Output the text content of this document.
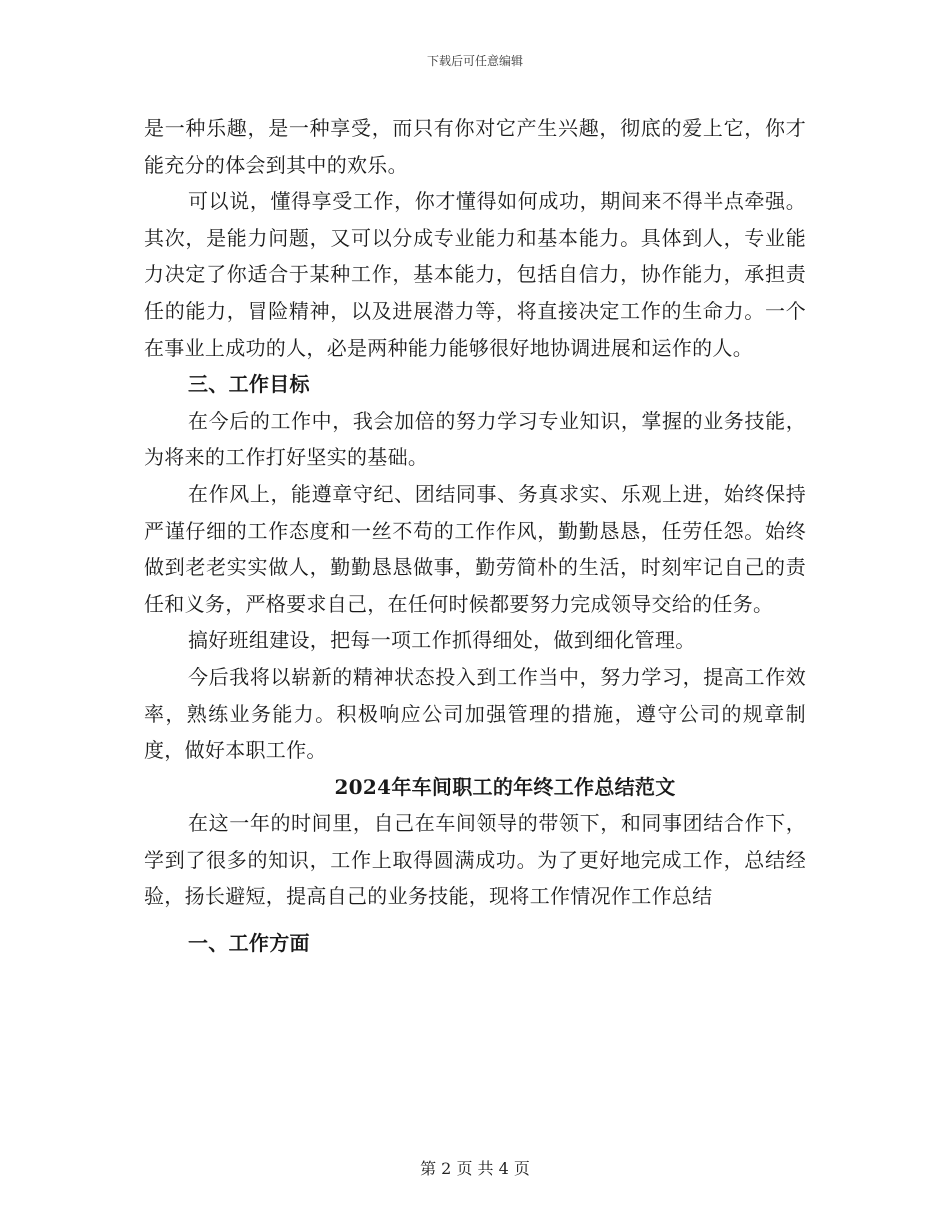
下载后可任意编辑

是一种乐趣，是一种享受，而只有你对它产生兴趣，彻底的爱上它，你才能充分的体会到其中的欢乐。

可以说，懂得享受工作，你才懂得如何成功，期间来不得半点牵强。其次，是能力问题，又可以分成专业能力和基本能力。具体到人，专业能力决定了你适合于某种工作，基本能力，包括自信力，协作能力，承担责任的能力，冒险精神，以及进展潜力等，将直接决定工作的生命力。一个在事业上成功的人，必是两种能力能够很好地协调进展和运作的人。

三、工作目标

在今后的工作中，我会加倍的努力学习专业知识，掌握的业务技能，为将来的工作打好坚实的基础。

在作风上，能遵章守纪、团结同事、务真求实、乐观上进，始终保持严谨仔细的工作态度和一丝不苟的工作作风，勤勤恳恳，任劳任怨。始终做到老老实实做人，勤勤恳恳做事，勤劳简朴的生活，时刻牢记自己的责任和义务，严格要求自己，在任何时候都要努力完成领导交给的任务。

搞好班组建设，把每一项工作抓得细处，做到细化管理。

今后我将以崭新的精神状态投入到工作当中，努力学习，提高工作效率，熟练业务能力。积极响应公司加强管理的措施，遵守公司的规章制度，做好本职工作。

2024年车间职工的年终工作总结范文

在这一年的时间里，自己在车间领导的带领下，和同事团结合作下，学到了很多的知识，工作上取得圆满成功。为了更好地完成工作，总结经验，扬长避短，提高自己的业务技能，现将工作情况作工作总结

一、工作方面

第 2 页 共 4 页
